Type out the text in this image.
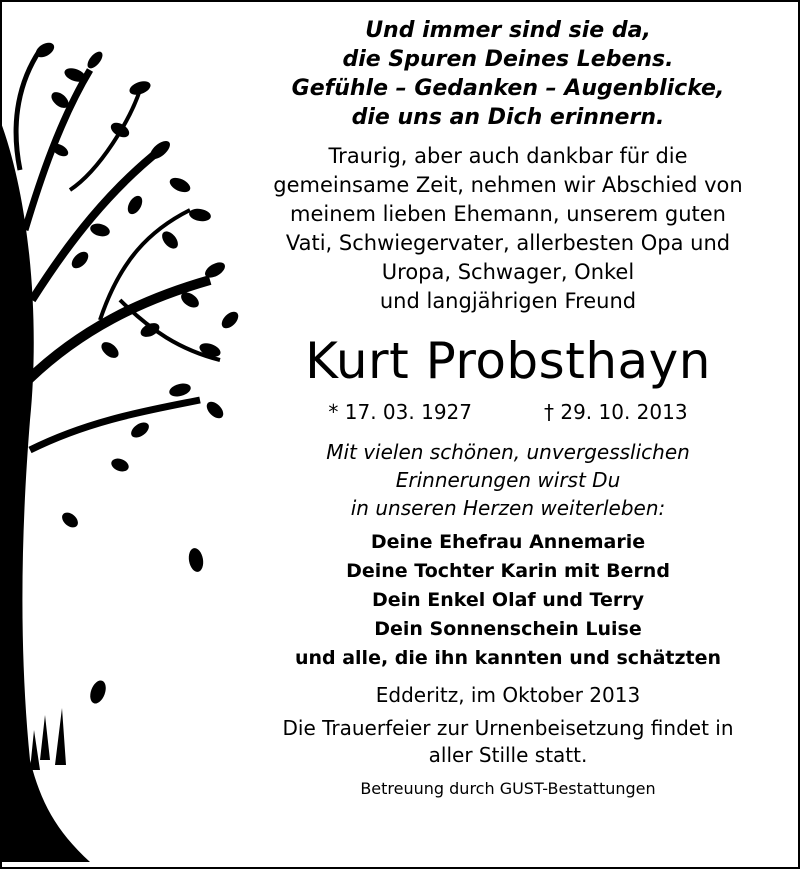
Und immer sind sie da,
die Spuren Deines Lebens.
Gefühle – Gedanken – Augenblicke,
die uns an Dich erinnern.

Traurig, aber auch dankbar für die
gemeinsame Zeit, nehmen wir Abschied von
meinem lieben Ehemann, unserem guten
Vati, Schwiegervater, allerbesten Opa und
Uropa, Schwager, Onkel
und langjährigen Freund

Kurt Probsthayn
* 17. 03. 1927	† 29. 10. 2013

Mit vielen schönen, unvergesslichen
Erinnerungen wirst Du
in unseren Herzen weiterleben:

Deine Ehefrau Annemarie
Deine Tochter Karin mit Bernd
Dein Enkel Olaf und Terry
Dein Sonnenschein Luise
und alle, die ihn kannten und schätzten

Edderitz, im Oktober 2013

Die Trauerfeier zur Urnenbeisetzung findet in
aller Stille statt.

Betreuung durch GUST-Bestattungen
